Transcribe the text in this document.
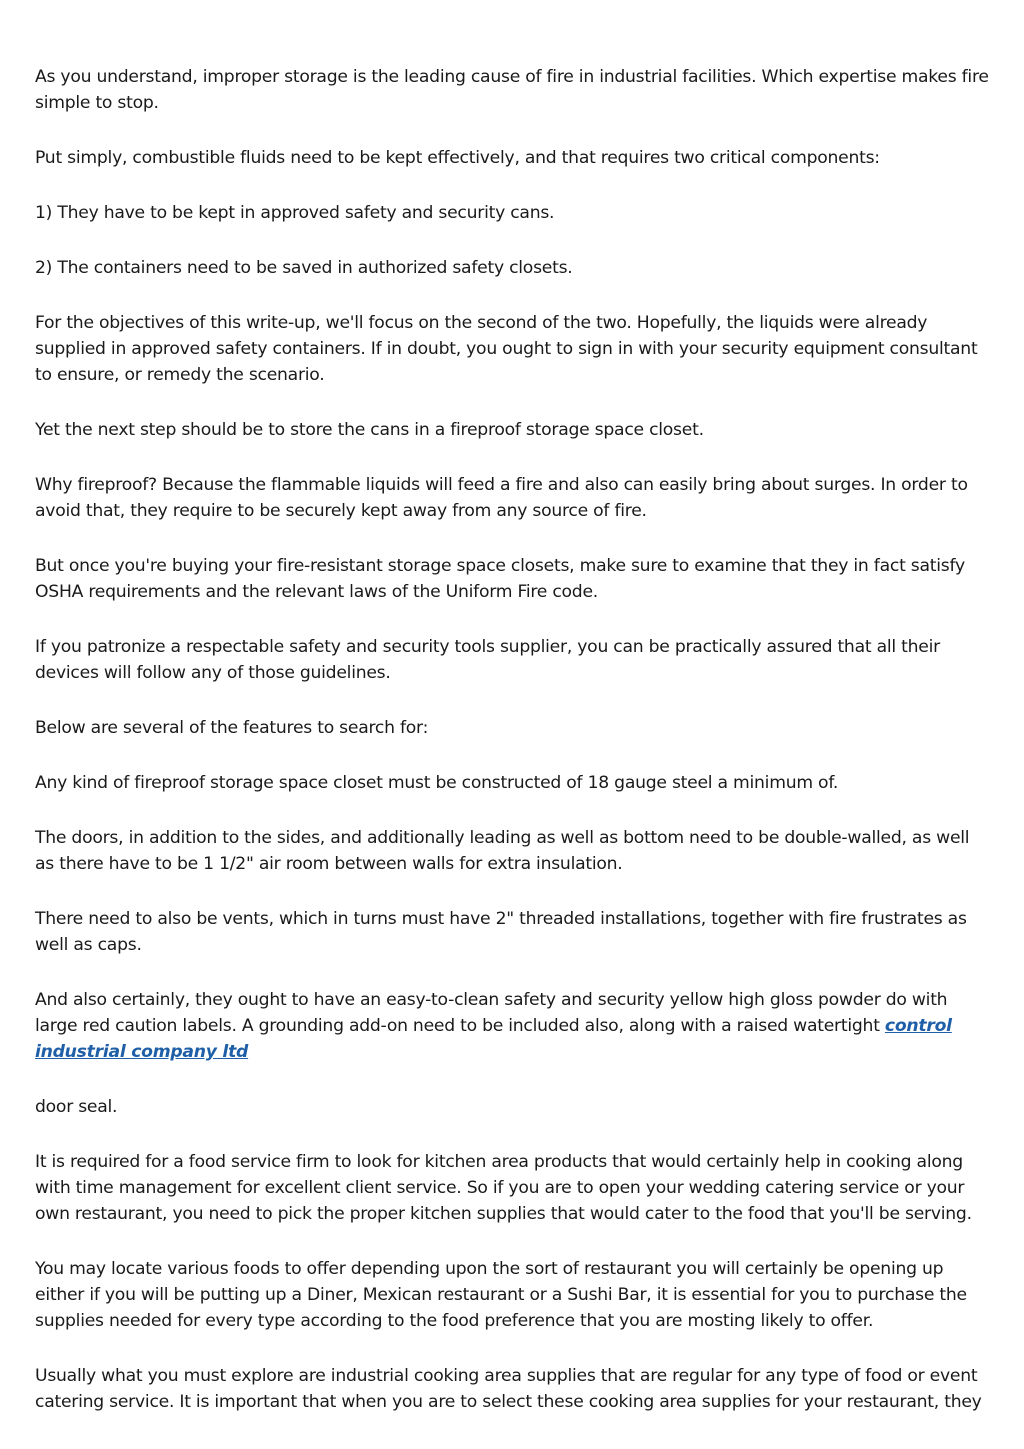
As you understand, improper storage is the leading cause of fire in industrial facilities. Which expertise makes fire simple to stop.

Put simply, combustible fluids need to be kept effectively, and that requires two critical components:

1) They have to be kept in approved safety and security cans.

2) The containers need to be saved in authorized safety closets.

For the objectives of this write-up, we'll focus on the second of the two. Hopefully, the liquids were already supplied in approved safety containers. If in doubt, you ought to sign in with your security equipment consultant to ensure, or remedy the scenario.

Yet the next step should be to store the cans in a fireproof storage space closet.

Why fireproof? Because the flammable liquids will feed a fire and also can easily bring about surges. In order to avoid that, they require to be securely kept away from any source of fire.

But once you're buying your fire-resistant storage space closets, make sure to examine that they in fact satisfy OSHA requirements and the relevant laws of the Uniform Fire code.

If you patronize a respectable safety and security tools supplier, you can be practically assured that all their devices will follow any of those guidelines.

Below are several of the features to search for:

Any kind of fireproof storage space closet must be constructed of 18 gauge steel a minimum of.

The doors, in addition to the sides, and additionally leading as well as bottom need to be double-walled, as well as there have to be 1 1/2" air room between walls for extra insulation.

There need to also be vents, which in turns must have 2" threaded installations, together with fire frustrates as well as caps.

And also certainly, they ought to have an easy-to-clean safety and security yellow high gloss powder do with large red caution labels. A grounding add-on need to be included also, along with a raised watertight control industrial company ltd

door seal.

It is required for a food service firm to look for kitchen area products that would certainly help in cooking along with time management for excellent client service. So if you are to open your wedding catering service or your own restaurant, you need to pick the proper kitchen supplies that would cater to the food that you'll be serving.

You may locate various foods to offer depending upon the sort of restaurant you will certainly be opening up either if you will be putting up a Diner, Mexican restaurant or a Sushi Bar, it is essential for you to purchase the supplies needed for every type according to the food preference that you are mosting likely to offer.

Usually what you must explore are industrial cooking area supplies that are regular for any type of food or event catering service. It is important that when you are to select these cooking area supplies for your restaurant, they
